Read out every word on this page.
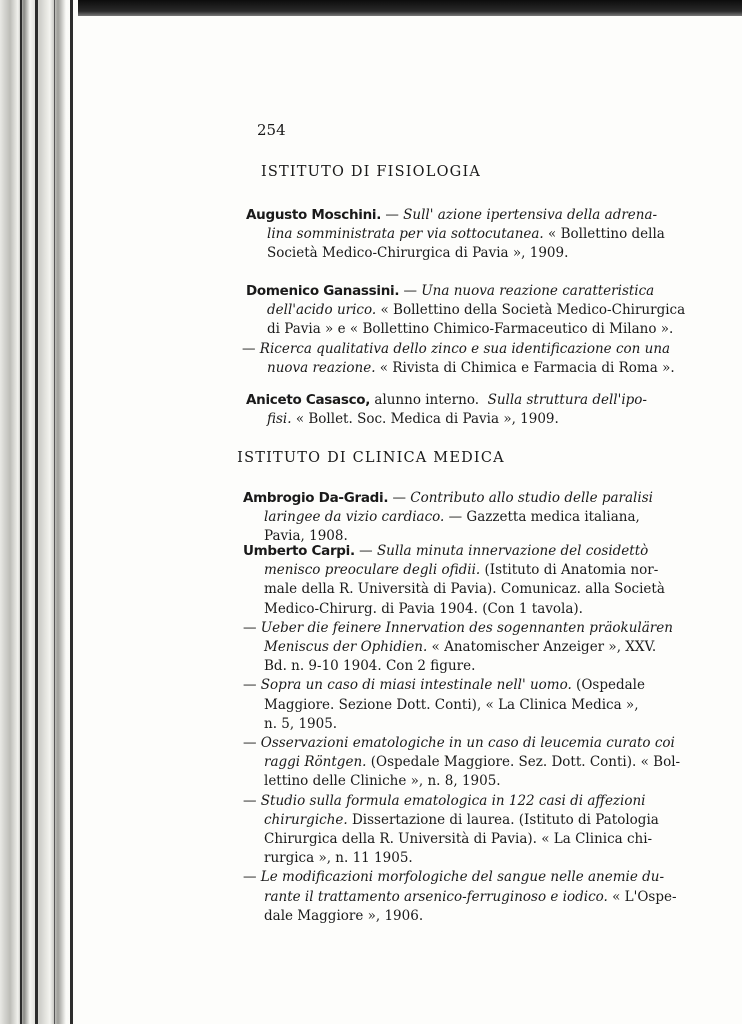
254
ISTITUTO DI FISIOLOGIA
Augusto Moschini. — Sull' azione ipertensiva della adrena-
lina somministrata per via sottocutanea. « Bollettino della
Società Medico-Chirurgica di Pavia », 1909.
Domenico Ganassini. — Una nuova reazione caratteristica
dell'acido urico. « Bollettino della Società Medico-Chirurgica
di Pavia » e « Bollettino Chimico-Farmaceutico di Milano ».
— Ricerca qualitativa dello zinco e sua identificazione con una
nuova reazione. « Rivista di Chimica e Farmacia di Roma ».
Aniceto Casasco, alunno interno.  Sulla struttura dell'ipo-
fisi. « Bollet. Soc. Medica di Pavia », 1909.
ISTITUTO DI CLINICA MEDICA
Ambrogio Da-Gradi. — Contributo allo studio delle paralisi
laringee da vizio cardiaco. — Gazzetta medica italiana,
Pavia, 1908.
Umberto Carpi. — Sulla minuta innervazione del cosidettò
menisco preoculare degli ofidii. (Istituto di Anatomia nor-
male della R. Università di Pavia). Comunicaz. alla Società
Medico-Chirurg. di Pavia 1904. (Con 1 tavola).
— Ueber die feinere Innervation des sogennanten präokulären
Meniscus der Ophidien. « Anatomischer Anzeiger », XXV.
Bd. n. 9-10 1904. Con 2 figure.
— Sopra un caso di miasi intestinale nell' uomo. (Ospedale
Maggiore. Sezione Dott. Conti), « La Clinica Medica »,
n. 5, 1905.
— Osservazioni ematologiche in un caso di leucemia curato coi
raggi Röntgen. (Ospedale Maggiore. Sez. Dott. Conti). « Bol-
lettino delle Cliniche », n. 8, 1905.
— Studio sulla formula ematologica in 122 casi di affezioni
chirurgiche. Dissertazione di laurea. (Istituto di Patologia
Chirurgica della R. Università di Pavia). « La Clinica chi-
rurgica », n. 11 1905.
— Le modificazioni morfologiche del sangue nelle anemie du-
rante il trattamento arsenico-ferruginoso e iodico. « L'Ospe-
dale Maggiore », 1906.
